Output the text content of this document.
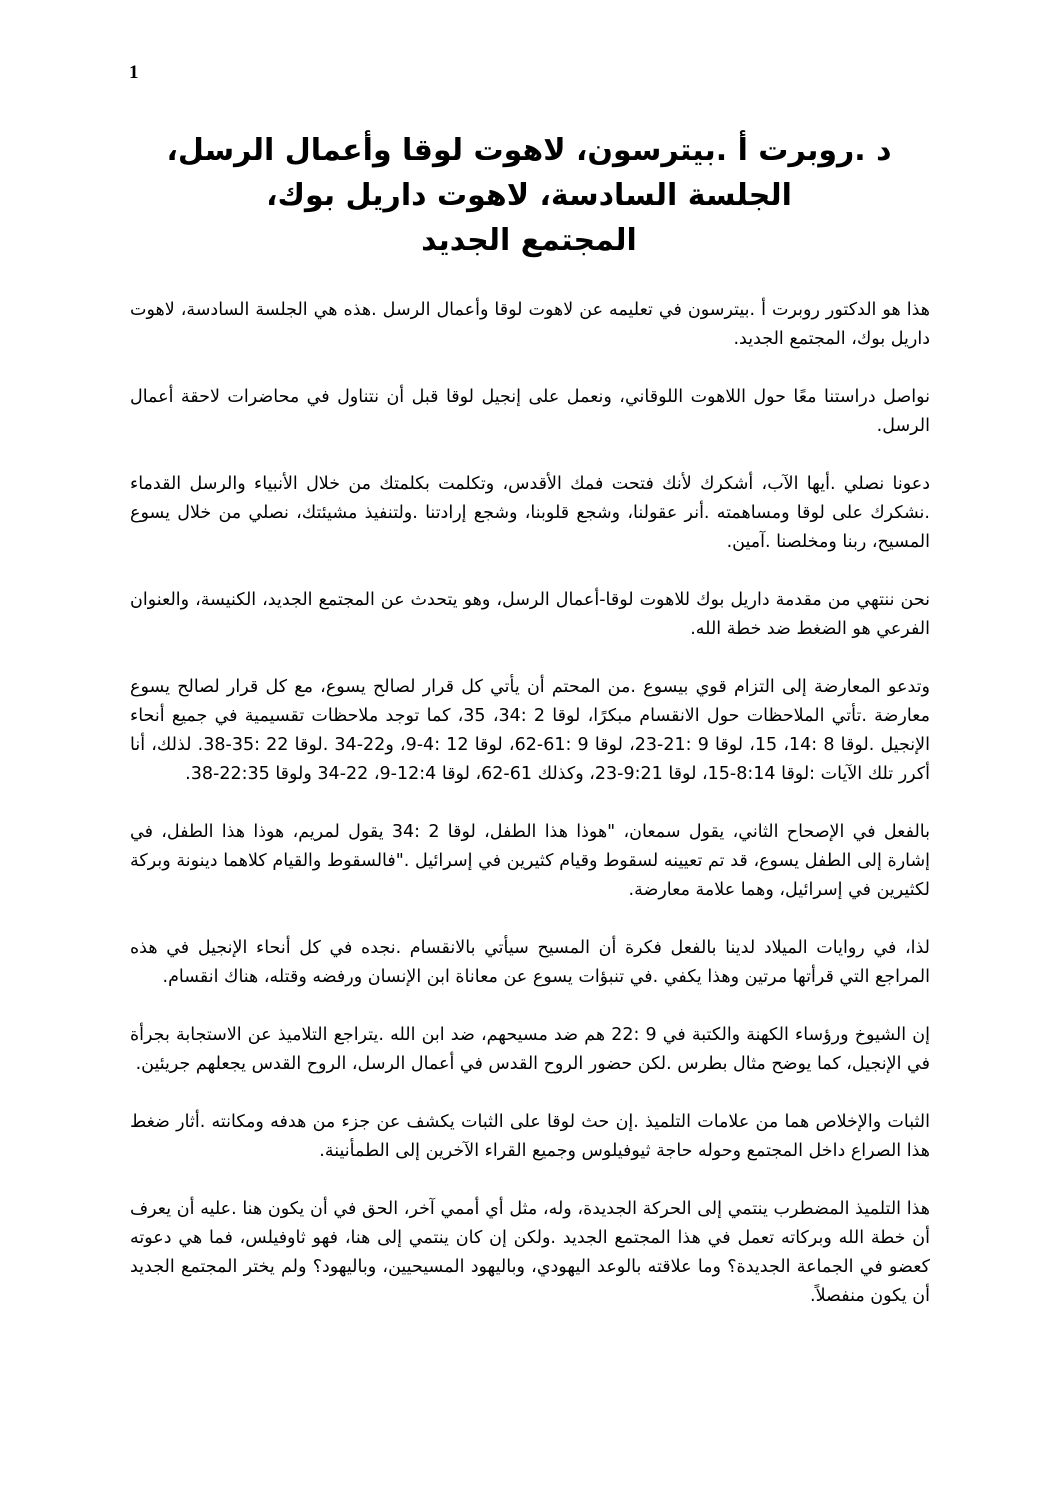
1

د .روبرت أ .بيترسون، لاهوت لوقا وأعمال الرسل،

الجلسة السادسة، لاهوت داريل بوك،

المجتمع الجديد

هذا هو الدكتور روبرت أ .بيترسون في تعليمه عن لاهوت لوقا وأعمال الرسل .هذه هي الجلسة السادسة، لاهوت داريل بوك، المجتمع الجديد.

نواصل دراستنا معًا حول اللاهوت اللوقاني، ونعمل على إنجيل لوقا قبل أن نتناول في محاضرات لاحقة أعمال الرسل.

دعونا نصلي .أيها الآب، أشكرك لأنك فتحت فمك الأقدس، وتكلمت بكلمتك من خلال الأنبياء والرسل القدماء .نشكرك على لوقا ومساهمته .أنر عقولنا، وشجع قلوبنا، وشجع إرادتنا .ولتنفيذ مشيئتك، نصلي من خلال يسوع المسيح، ربنا ومخلصنا .آمين.

نحن ننتهي من مقدمة داريل بوك للاهوت لوقا-أعمال الرسل، وهو يتحدث عن المجتمع الجديد، الكنيسة، والعنوان الفرعي هو الضغط ضد خطة الله.

وتدعو المعارضة إلى التزام قوي بيسوع .من المحتم أن يأتي كل قرار لصالح يسوع، مع كل قرار لصالح يسوع معارضة .تأتي الملاحظات حول الانقسام مبكرًا، لوقا 2 :34، 35، كما توجد ملاحظات تقسيمية في جميع أنحاء الإنجيل .لوقا 8 :14، 15، لوقا 9 :21-23، لوقا 9 :61-62، لوقا 12 :4-9، و22-34 .لوقا 22 :35-38. لذلك، أنا أكرر تلك الآيات :لوقا 8:14-15، لوقا 9:21-23، وكذلك 61-62، لوقا 12:4-9، 22-34 ولوقا 22:35-38.

بالفعل في الإصحاح الثاني، يقول سمعان، "هوذا هذا الطفل، لوقا 2 :34 يقول لمريم، هوذا هذا الطفل، في إشارة إلى الطفل يسوع، قد تم تعيينه لسقوط وقيام كثيرين في إسرائيل ."فالسقوط والقيام كلاهما دينونة وبركة لكثيرين في إسرائيل، وهما علامة معارضة.

لذا، في روايات الميلاد لدينا بالفعل فكرة أن المسيح سيأتي بالانقسام .نجده في كل أنحاء الإنجيل في هذه المراجع التي قرأتها مرتين وهذا يكفي .في تنبؤات يسوع عن معاناة ابن الإنسان ورفضه وقتله، هناك انقسام.

إن الشيوخ ورؤساء الكهنة والكتبة في 9 :22 هم ضد مسيحهم، ضد ابن الله .يتراجع التلاميذ عن الاستجابة بجرأة في الإنجيل، كما يوضح مثال بطرس .لكن حضور الروح القدس في أعمال الرسل، الروح القدس يجعلهم جريئين.

الثبات والإخلاص هما من علامات التلميذ .إن حث لوقا على الثبات يكشف عن جزء من هدفه ومكانته .أثار ضغط هذا الصراع داخل المجتمع وحوله حاجة ثيوفيلوس وجميع القراء الآخرين إلى الطمأنينة.

هذا التلميذ المضطرب ينتمي إلى الحركة الجديدة، وله، مثل أي أممي آخر، الحق في أن يكون هنا .عليه أن يعرف أن خطة الله وبركاته تعمل في هذا المجتمع الجديد .ولكن إن كان ينتمي إلى هنا، فهو ثاوفيلس، فما هي دعوته كعضو في الجماعة الجديدة؟ وما علاقته بالوعد اليهودي، وباليهود المسيحيين، وباليهود؟ ولم يختر المجتمع الجديد أن يكون منفصلاً.
